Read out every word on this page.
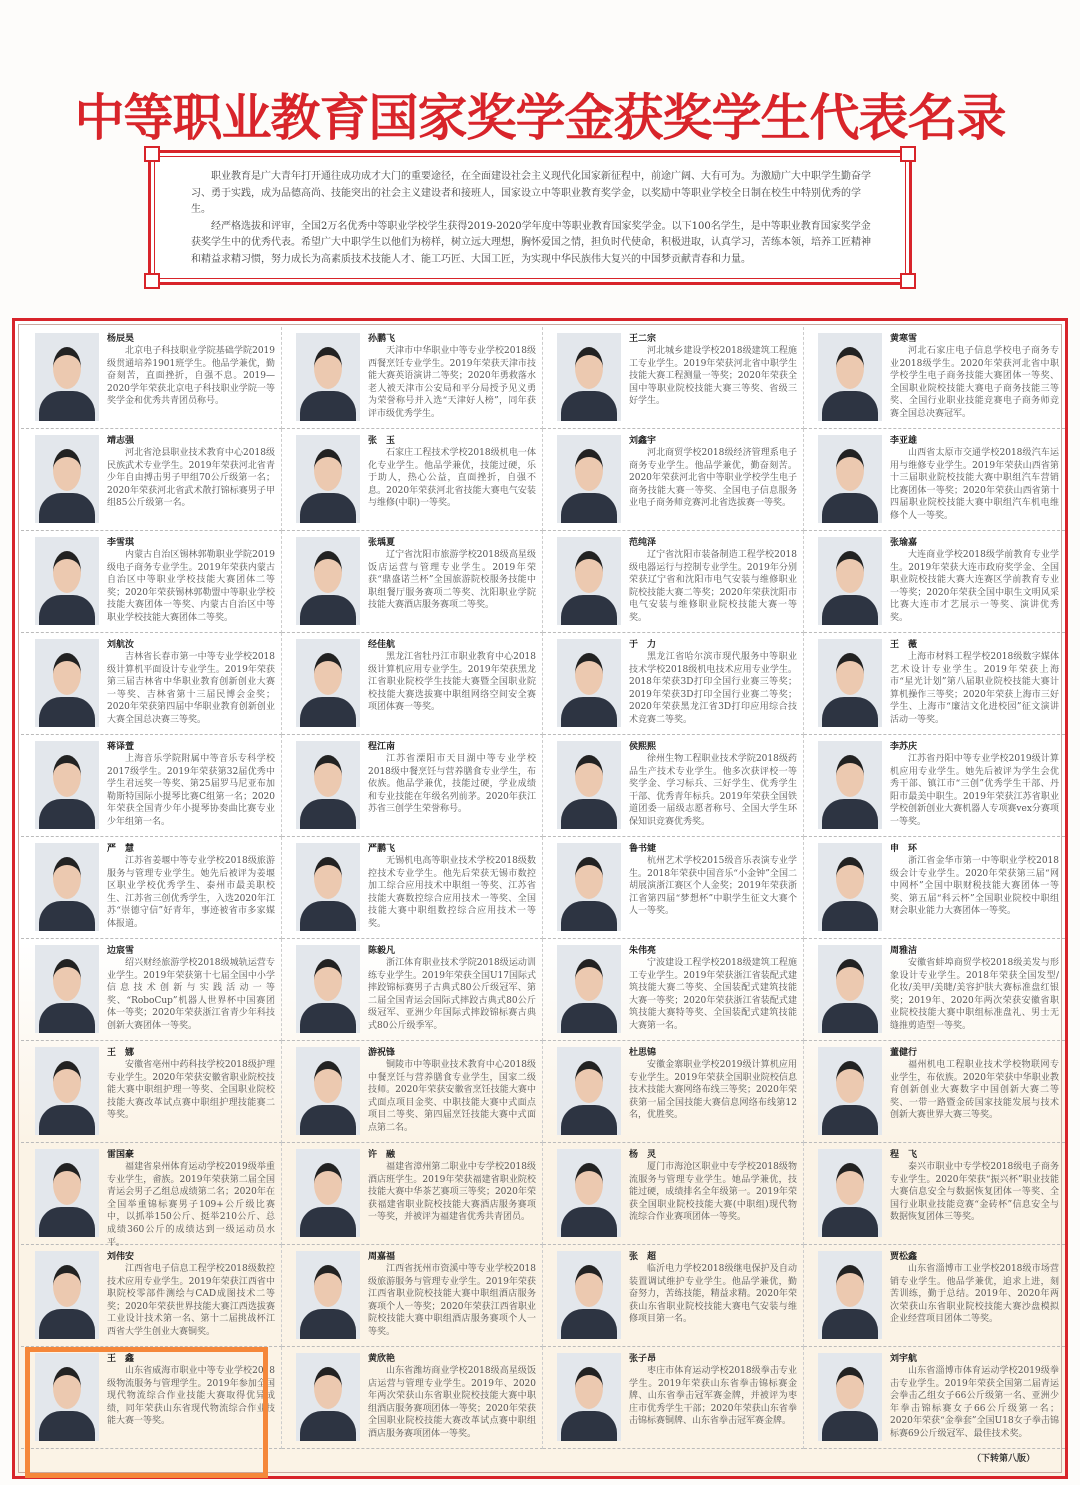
中等职业教育国家奖学金获奖学生代表名录

职业教育是广大青年打开通往成功成才大门的重要途径，在全面建设社会主义现代化国家新征程中，前途广阔、大有可为。为激励广大中职学生勤奋学习、勇于实践，成为品德高尚、技能突出的社会主义建设者和接班人，国家设立中等职业教育奖学金，以奖励中等职业学校全日制在校生中特别优秀的学生。

经严格选拔和评审，全国2万名优秀中等职业学校学生获得2019-2020学年度中等职业教育国家奖学金。以下100名学生，是中等职业教育国家奖学金获奖学生中的优秀代表。希望广大中职学生以他们为榜样，树立远大理想，胸怀爱国之情，担负时代使命，积极进取，认真学习，苦练本领，培养工匠精神和精益求精习惯，努力成长为高素质技术技能人才、能工巧匠、大国工匠，为实现中华民族伟大复兴的中国梦贡献青春和力量。

杨辰昊
北京电子科技职业学院基础学院2019级贯通培养1901班学生。他品学兼优，勤奋刻苦，直面挫折，自强不息。2019—2020学年荣获北京电子科技职业学院一等奖学金和优秀共青团员称号。
孙鹏飞
天津市中华职业中等专业学校2018级西餐烹饪专业学生。2019年荣获天津市技能大赛英语演讲二等奖；2020年勇救落水老人被天津市公安局和平分局授予见义勇为荣誉称号并入选“天津好人榜”，同年获评市级优秀学生。
王二宗
河北城乡建设学校2018级建筑工程施工专业学生。2019年荣获河北省中职学生技能大赛工程测量一等奖；2020年荣获全国中等职业院校技能大赛三等奖、省级三好学生。
黄寒雪
河北石家庄电子信息学校电子商务专业2018级学生。2020年荣获河北省中职学校学生电子商务技能大赛团体一等奖、全国职业院校技能大赛电子商务技能三等奖、全国行业职业技能竞赛电子商务师竞赛全国总决赛冠军。
靖志强
河北省沧县职业技术教育中心2018级民族武术专业学生。2019年荣获河北省青少年自由搏击男子甲组70公斤级第一名；2020年荣获河北省武术散打锦标赛男子甲组85公斤级第一名。
张　玉
石家庄工程技术学校2018级机电一体化专业学生。他品学兼优，技能过硬，乐于助人，热心公益，直面挫折，自强不息。2020年荣获河北省技能大赛电气安装与维修(中职)一等奖。
刘鑫宇
河北商贸学校2018级经济管理系电子商务专业学生。他品学兼优，勤奋刻苦。2020年荣获河北省中等职业学校学生电子商务技能大赛一等奖、全国电子信息服务业电子商务师竞赛河北省选拔赛一等奖。
李亚雄
山西省太原市交通学校2018级汽车运用与维修专业学生。2019年荣获山西省第十三届职业院校技能大赛中职组汽车营销比赛团体一等奖；2020年荣获山西省第十四届职业院校技能大赛中职组汽车机电维修个人一等奖。
李雪琪
内蒙古自治区锡林郭勒职业学院2019级电子商务专业学生。2019年荣获内蒙古自治区中等职业学校技能大赛团体二等奖；2020年荣获锡林郭勒盟中等职业学校技能大赛团体一等奖、内蒙古自治区中等职业学校技能大赛团体二等奖。
张瑀夏
辽宁省沈阳市旅游学校2018级高星级饭店运营与管理专业学生。2019年荣获“鼎盛诺兰杯”全国旅游院校服务技能中职组餐厅服务赛项二等奖、沈阳职业学院技能大赛酒店服务赛项二等奖。
范纯泽
辽宁省沈阳市装备制造工程学校2018级电器运行与控制专业学生。2019年分别荣获辽宁省和沈阳市电气安装与维修职业院校技能大赛二等奖；2020年荣获沈阳市电气安装与维修职业院校技能大赛一等奖。
张瑜嘉
大连商业学校2018级学前教育专业学生。2019年荣获大连市政府奖学金、全国职业院校技能大赛大连赛区学前教育专业一等奖；2020年荣获全国中职生文明风采比赛大连市才艺展示一等奖、演讲优秀奖。
刘航汝
吉林省长春市第一中等专业学校2018级计算机平面设计专业学生。2019年荣获第三届吉林省中华职业教育创新创业大赛一等奖、吉林省第十三届民博会金奖；2020年荣获第四届中华职业教育创新创业大赛全国总决赛三等奖。
经佳航
黑龙江省牡丹江市职业教育中心2018级计算机应用专业学生。2019年荣获黑龙江省职业院校学生技能大赛暨全国职业院校技能大赛选拔赛中职组网络空间安全赛项团体赛一等奖。
于　力
黑龙江省哈尔滨市现代服务中等职业技术学校2018级机电技术应用专业学生。2018年荣获3D打印全国行业赛三等奖；2019年荣获3D打印全国行业赛二等奖；2020年荣获黑龙江省3D打印应用综合技术竞赛二等奖。
王　薇
上海市材料工程学校2018级数字媒体艺术设计专业学生。2019年荣获上海市“星光计划”第八届职业院校技能大赛计算机操作三等奖；2020年荣获上海市三好学生、上海市“廉洁文化进校园”征文演讲活动一等奖。
蒋译萱
上海音乐学院附属中等音乐专科学校2017级学生。2019年荣获第32届优秀中学生君远奖一等奖、第25届罗马尼亚布加勒斯特国际小提琴比赛C组第一名；2020年荣获全国青少年小提琴协奏曲比赛专业少年组第一名。
程江南
江苏省溧阳市天目湖中等专业学校2018级中餐烹饪与营养膳食专业学生，布依族。他品学兼优，技能过硬，学业成绩和专业技能在年级名列前茅。2020年获江苏省三创学生荣誉称号。
侯熙熙
徐州生物工程职业技术学院2018级药品生产技术专业学生。他多次获评校一等奖学金、学习标兵、三好学生、优秀学生干部、优秀青年标兵。2019年荣获全国铁道团委一届级志愿者称号、全国大学生环保知识竞赛优秀奖。
李苏庆
江苏省丹阳中等专业学校2019级计算机应用专业学生。她先后被评为学生会优秀干部、镇江市“三创”优秀学生干部、丹阳市最美中职生。2019年荣获江苏省职业学校创新创业大赛机器人专项赛vex分赛项一等奖。
严　慧
江苏省姜堰中等专业学校2018级旅游服务与管理专业学生。她先后被评为姜堰区职业学校优秀学生、泰州市最美职校生、江苏省三创优秀学生，入选2020年江苏“崇德守信”好青年，事迹被省市多家媒体报道。
严鹏飞
无锡机电高等职业技术学校2018级数控技术专业学生。他先后荣获无锡市数控加工综合应用技术中职组一等奖、江苏省技能大赛数控综合应用技术一等奖、全国技能大赛中职组数控综合应用技术一等奖。
鲁书婕
杭州艺术学校2015级音乐表演专业学生。2018年荣获中国音乐“小金钟”全国二胡展演浙江赛区个人金奖；2019年荣获浙江省第四届“梦想杯”中职学生征文大赛个人一等奖。
申　环
浙江省金华市第一中等职业学校2018级会计专业学生。2020年荣获第三届“网中网杯”全国中职财税技能大赛团体一等奖、第五届“科云杯”全国职业院校中职组财会职业能力大赛团体一等奖。
边宸雪
绍兴财经旅游学校2018级城轨运营专业学生。2019年荣获第十七届全国中小学信息技术创新与实践活动一等奖、“RoboCup”机器人世界杯中国赛团体一等奖；2020年荣获浙江省青少年科技创新大赛团体一等奖。
陈毅凡
浙江体育职业技术学院2018级运动训练专业学生。2019年荣获全国U17国际式摔跤锦标赛男子古典式80公斤级冠军、第二届全国青运会国际式摔跤古典式80公斤级冠军、亚洲少年国际式摔跤锦标赛古典式80公斤级季军。
朱伟亮
宁波建设工程学校2018级建筑工程施工专业学生。2019年荣获浙江省装配式建筑技能大赛二等奖、全国装配式建筑技能大赛一等奖；2020年荣获浙江省装配式建筑技能大赛特等奖、全国装配式建筑技能大赛第一名。
周雅洁
安徽省蚌埠商贸学校2018级美发与形象设计专业学生。2018年荣获全国发型/化妆/美甲/美睫/美容护肤大赛标准盘红银奖；2019年、2020年两次荣获安徽省职业院校技能大赛中职组标准盘礼、男士无缝推剪造型一等奖。
王　娜
安徽省亳州中药科技学校2018级护理专业学生。2020年荣获安徽省职业院校技能大赛中职组护理一等奖、全国职业院校技能大赛改革试点赛中职组护理技能赛二等奖。
游祝锋
铜陵市中等职业技术教育中心2018级中餐烹饪与营养膳食专业学生，国家二级技师。2020年荣获安徽省烹饪技能大赛中式面点项目金奖、中职技能大赛中式面点项目二等奖、第四届烹饪技能大赛中式面点第二名。
杜思锦
安徽金寨职业学校2019级计算机应用专业学生。2019年荣获全国职业院校信息技术技能大赛网络布线三等奖；2020年荣获第一届全国技能大赛信息网络布线第12名，优胜奖。
董健行
福州机电工程职业技术学校物联网专业学生，布依族。2020年荣获中华职业教育创新创业大赛数字中国创新大赛二等奖、一带一路暨金砖国家技能发展与技术创新大赛世界大赛三等奖。
雷国豪
福建省泉州体育运动学校2019级举重专业学生，畲族。2019年荣获第二届全国青运会男子乙组总成绩第二名；2020年在全国举重锦标赛男子109+公斤级比赛中，以抓举150公斤、挺举210公斤、总成绩360公斤的成绩达到一级运动员水平。
许　融
福建省漳州第二职业中专学校2018级酒店班学生。2019年荣获福建省职业院校技能大赛中华茶艺赛项三等奖；2020年荣获福建省职业院校技能大赛酒店服务赛项一等奖，并被评为福建省优秀共青团员。
杨　灵
厦门市海沧区职业中专学校2018级物流服务与管理专业学生。她品学兼优，技能过硬，成绩排名全年级第一。2019年荣获全国职业院校技能大赛(中职组)现代物流综合作业赛项团体一等奖。
程　飞
泰兴市职业中专学校2018级电子商务专业学生。2020年荣获“振兴杯”职业技能大赛信息安全与数据恢复团体一等奖、全国行业职业技能竞赛“金砖杯”信息安全与数据恢复团体三等奖。
刘伟安
江西省电子信息工程学校2018级数控技术应用专业学生。2019年荣获江西省中职院校零部件测绘与CAD成图技术二等奖；2020年荣获世界技能大赛江西选拔赛工业设计技术第一名、第十二届挑战杯江西省大学生创业大赛铜奖。
周嘉福
江西省抚州市资溪中等专业学校2018级旅游服务与管理专业学生。2019年荣获江西省职业院校技能大赛中职组酒店服务赛项个人一等奖；2020年荣获江西省职业院校技能大赛中职组酒店服务赛项个人一等奖。
张　超
临沂电力学校2018级继电保护及自动装置调试维护专业学生。他品学兼优，勤奋努力，苦练技能，精益求精。2020年荣获山东省职业院校技能大赛电气安装与维修项目第一名。
贾松鑫
山东省淄博市工业学校2018级市场营销专业学生。他品学兼优，追求上进，刻苦训练，勤于总结。2019年、2020年两次荣获山东省职业院校技能大赛沙盘模拟企业经营项目团体二等奖。
王　鑫
山东省威海市职业中等专业学校2018级物流服务与管理学生。2019年参加全国现代物流综合作业技能大赛取得优异成绩，同年荣获山东省现代物流综合作业技能大赛一等奖。
黄欣艳
山东省潍坊商业学校2018级高星级饭店运营与管理专业学生。2019年、2020年两次荣获山东省职业院校技能大赛中职组酒店服务赛项团体一等奖；2020年荣获全国职业院校技能大赛改革试点赛中职组酒店服务赛项团体一等奖。
张子昂
枣庄市体育运动学校2018级拳击专业学生。2019年荣获山东省拳击锦标赛金牌、山东省拳击冠军赛金牌，并被评为枣庄市优秀学生干部；2020年荣获山东省拳击锦标赛铜牌、山东省拳击冠军赛金牌。
刘宇航
山东省淄博市体育运动学校2019级拳击专业学生。2019年荣获全国第二届青运会拳击乙组女子66公斤级第一名、亚洲少年拳击锦标赛女子66公斤级第一名；2020年荣获“金拳套”全国U18女子拳击锦标赛69公斤级冠军、最佳技术奖。
（下转第八版）
